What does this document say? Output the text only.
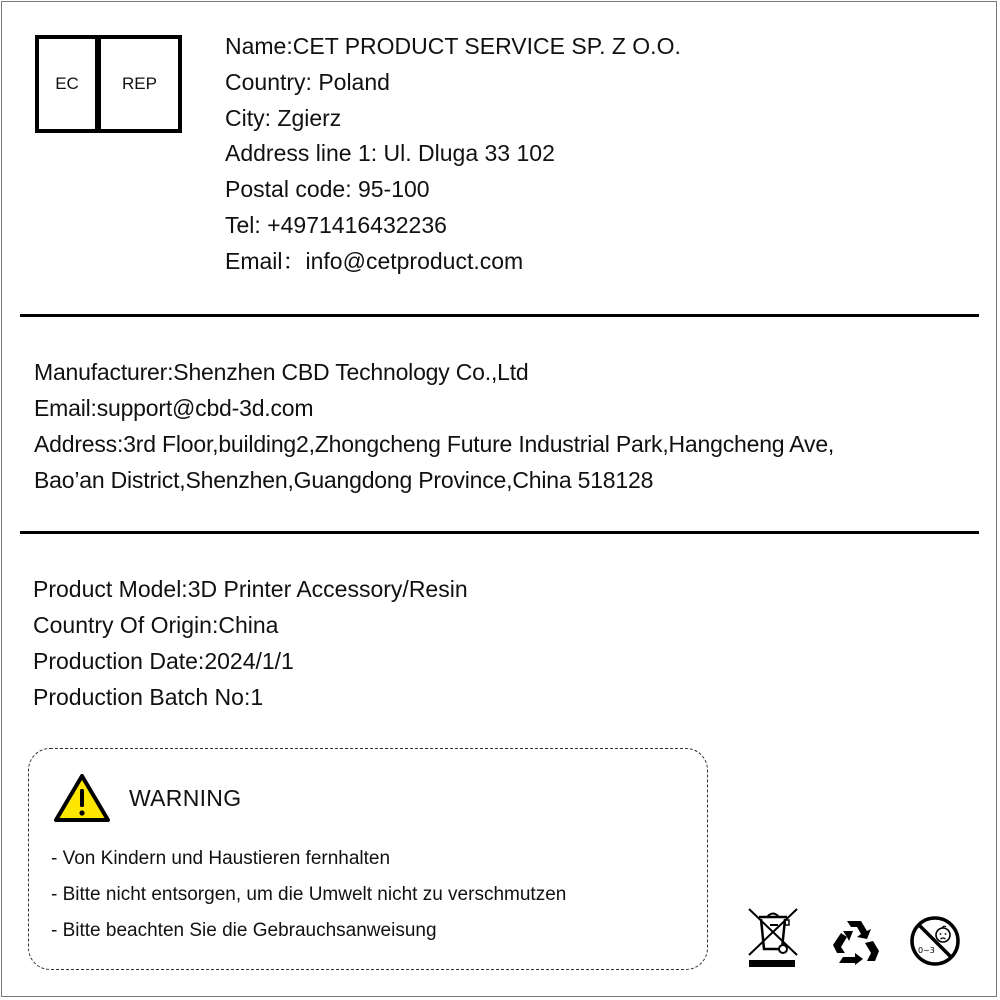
EC	REP
Name:CET PRODUCT SERVICE SP. Z O.O.
Country: Poland
City: Zgierz
Address line 1: Ul. Dluga 33 102
Postal code: 95-100
Tel: +4971416432236
Email：info@cetproduct.com
Manufacturer:Shenzhen CBD Technology Co.,Ltd
Email:support@cbd-3d.com
Address:3rd Floor,building2,Zhongcheng Future Industrial Park,Hangcheng Ave,
Bao’an District,Shenzhen,Guangdong Province,China 518128
Product Model:3D Printer Accessory/Resin
Country Of Origin:China
Production Date:2024/1/1
Production Batch No:1
WARNING
- Von Kindern und Haustieren fernhalten
- Bitte nicht entsorgen, um die Umwelt nicht zu verschmutzen
- Bitte beachten Sie die Gebrauchsanweisung
0~3
